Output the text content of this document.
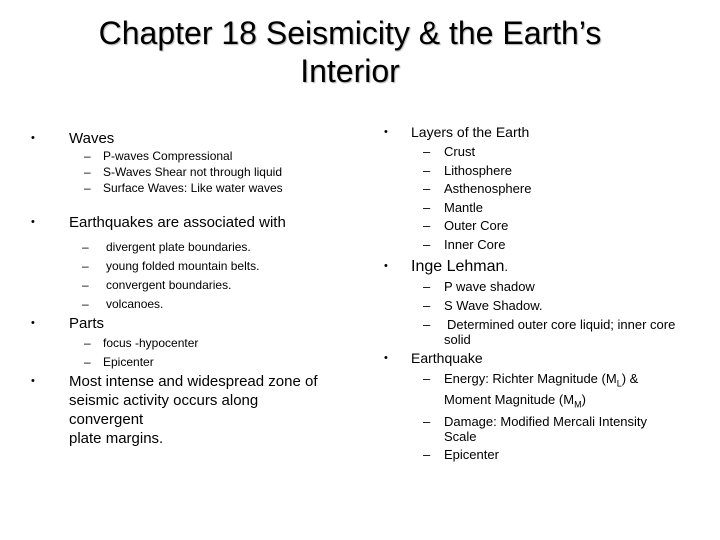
Chapter 18 Seismicity & the Earth’s
Interior
• Waves
– P-waves Compressional
– S-Waves Shear not through liquid
– Surface Waves: Like water waves
• Earthquakes are associated with
– divergent plate boundaries.
– young folded mountain belts.
– convergent boundaries.
– volcanoes.
• Parts
– focus -hypocenter
– Epicenter
• Most intense and widespread zone of
seismic activity occurs along
convergent
plate margins.
• Layers of the Earth
– Crust
– Lithosphere
– Asthenosphere
– Mantle
– Outer Core
– Inner Core
• Inge Lehman.
– P wave shadow
– S Wave Shadow.
– Determined outer core liquid; inner core
solid
• Earthquake
– Energy: Richter Magnitude $(M_L)$ &
Moment Magnitude $(M_M)$
– Damage: Modified Mercali Intensity
Scale
– Epicenter
